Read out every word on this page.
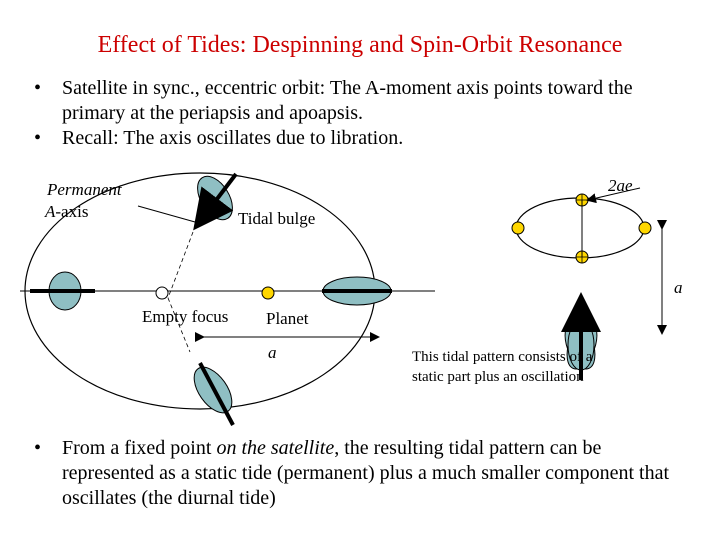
Effect of Tides: Despinning and Spin-Orbit Resonance
• Satellite in sync., eccentric orbit: The A-moment axis points toward the primary at the periapsis and apoapsis.
• Recall: The axis oscillates due to libration.
Permanent
A-axis	Tidal bulge
Empty focus Planet
a
a
2ae
This tidal pattern consists of a static part plus an oscillation
• From a fixed point on the satellite, the resulting tidal pattern can be represented as a static tide (permanent) plus a much smaller component that oscillates (the diurnal tide)
